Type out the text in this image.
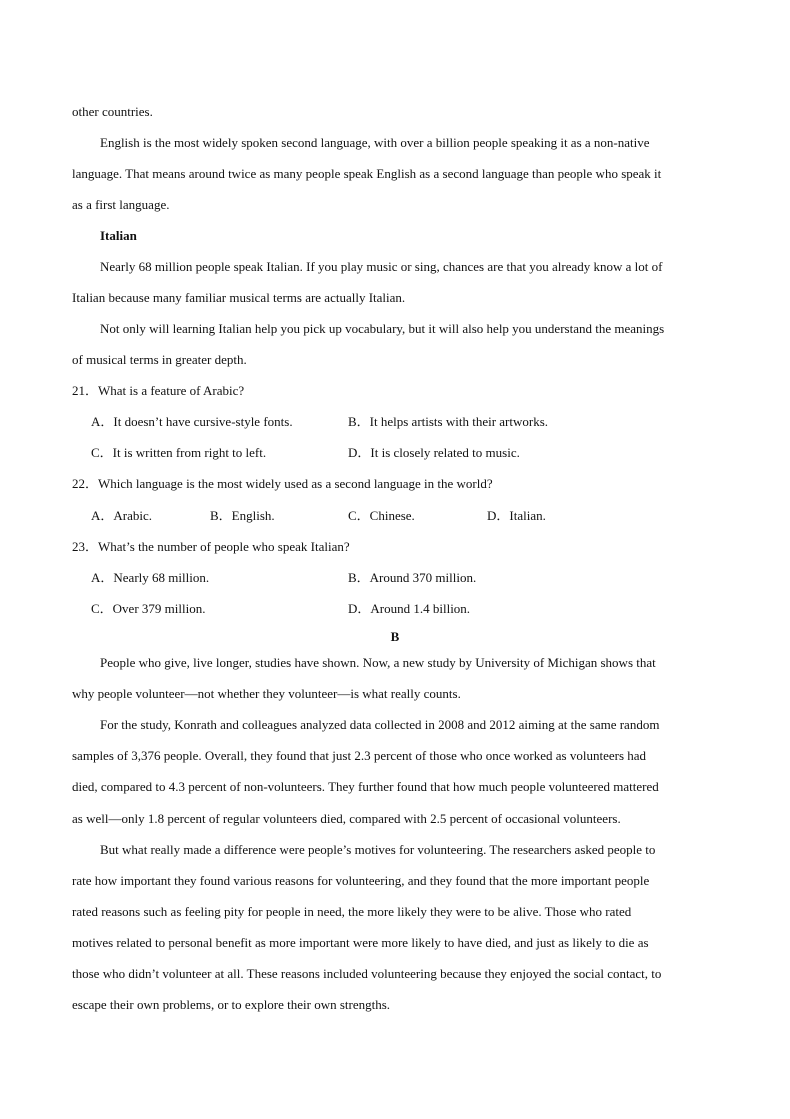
other countries.
English is the most widely spoken second language, with over a billion people speaking it as a non-native
language. That means around twice as many people speak English as a second language than people who speak it
as a first language.
Italian
Nearly 68 million people speak Italian. If you play music or sing, chances are that you already know a lot of
Italian because many familiar musical terms are actually Italian.
Not only will learning Italian help you pick up vocabulary, but it will also help you understand the meanings
of musical terms in greater depth.
21．What is a feature of Arabic?
A．It doesn’t have cursive-style fonts.	B．It helps artists with their artworks.
C．It is written from right to left.	D．It is closely related to music.
22．Which language is the most widely used as a second language in the world?
A．Arabic.	B．English.	C．Chinese.	D．Italian.
23．What’s the number of people who speak Italian?
A．Nearly 68 million.	B．Around 370 million.
C．Over 379 million.	D．Around 1.4 billion.
B
People who give, live longer, studies have shown. Now, a new study by University of Michigan shows that
why people volunteer—not whether they volunteer—is what really counts.
For the study, Konrath and colleagues analyzed data collected in 2008 and 2012 aiming at the same random
samples of 3,376 people. Overall, they found that just 2.3 percent of those who once worked as volunteers had
died, compared to 4.3 percent of non-volunteers. They further found that how much people volunteered mattered
as well—only 1.8 percent of regular volunteers died, compared with 2.5 percent of occasional volunteers.
But what really made a difference were people’s motives for volunteering. The researchers asked people to
rate how important they found various reasons for volunteering, and they found that the more important people
rated reasons such as feeling pity for people in need, the more likely they were to be alive. Those who rated
motives related to personal benefit as more important were more likely to have died, and just as likely to die as
those who didn’t volunteer at all. These reasons included volunteering because they enjoyed the social contact, to
escape their own problems, or to explore their own strengths.
